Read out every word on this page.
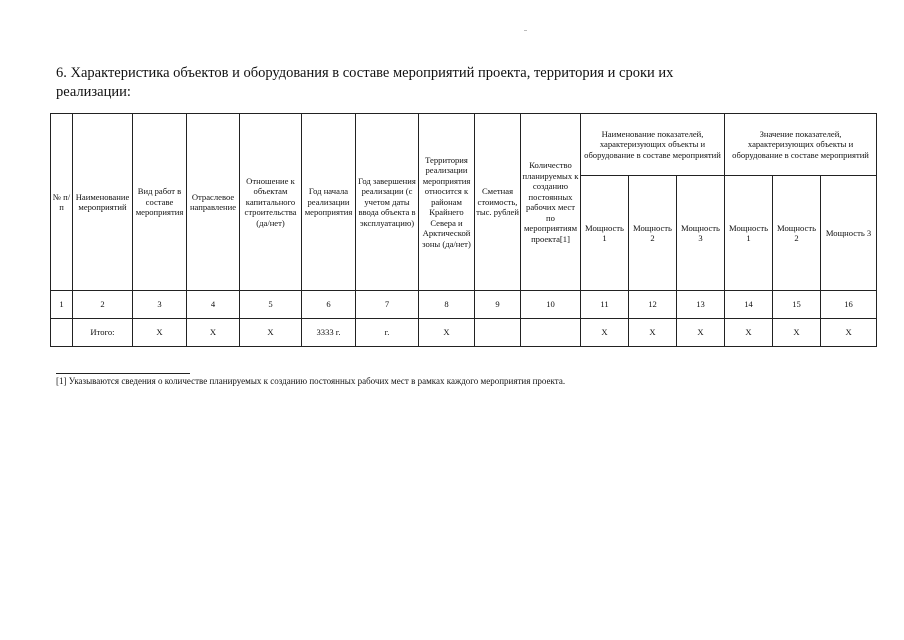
6. Характеристика объектов и оборудования в составе мероприятий проекта, территория и сроки их
реализации:
№ п/п	Наименование мероприятий	Вид работ в составе мероприятия	Отраслевое направление	Отношение к объектам капитального строительства (да/нет)	Год начала реализации мероприятия	Год завершения реализации (с учетом даты ввода объекта в эксплуатацию)	Территория реализации мероприятия относится к районам Крайнего Севера и Арктической зоны (да/нет)	Сметная стоимость, тыс. рублей	Количество планируемых к созданию постоянных рабочих мест по мероприятиям проекта[1]	Наименование показателей, характеризующих объекты и оборудование в составе мероприятий			Значение показателей, характеризующих объекты и оборудование в составе мероприятий		
										Мощность 1	Мощность 2	Мощность 3	Мощность 1	Мощность 2	Мощность 3
1	2	3	4	5	6	7	8	9	10	11	12	13	14	15	16
	Итого:	X	X	X	3333 г.	г.	X			X	X	X	X	X	X
[1] Указываются сведения о количестве планируемых к созданию постоянных рабочих мест в рамках каждого мероприятия проекта.
